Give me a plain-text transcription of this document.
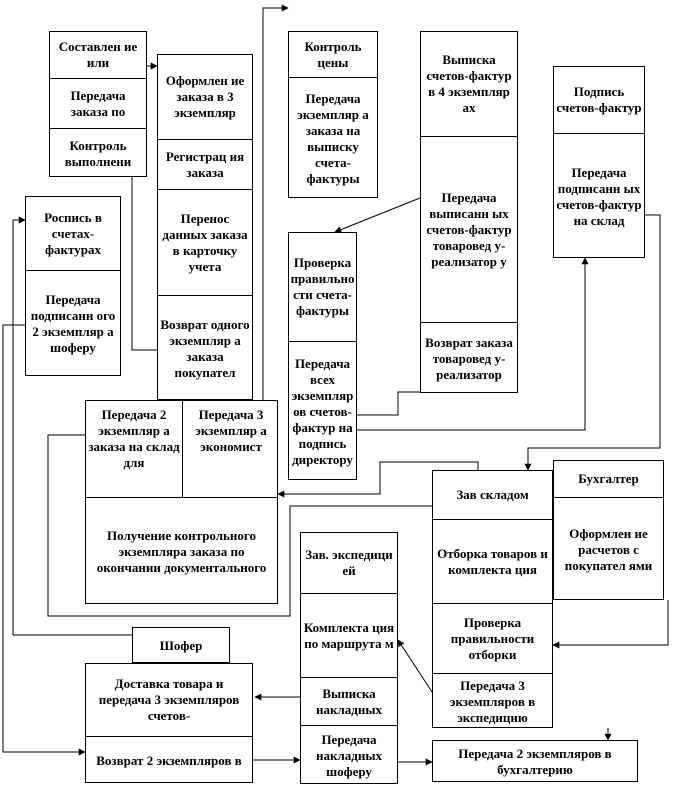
Составлен ие или
Передача заказа по
Контроль выполнени
Оформлен ие заказа в 3 экземпляр
Регистрац ия заказа
Перенос данных заказа в карточку учета
Возврат одного экземпляр а заказа покупател
Контроль цены
Передача экземпляр а заказа на выписку счета-фактуры
Выписка счетов-фактур в 4 экземпляр ах
Передача выписанн ых счетов-фактур товаровед у-реализатор у
Возврат заказа товаровед у-реализатор
Подпись счетов-фактур
Передача подписанн ых счетов-фактур на склад
Роспись в счетах-фактурах
Передача подписанн ого 2 экземпляр а шоферу
Проверка правильно сти счета-фактуры
Передача всех экземпляр ов счетов-фактур на подпись директору
Передача 2 экземпляр а заказа на склад для
Передача 3 экземпляр а экономист
Получение контрольного экземпляра заказа по окончании документального
Зав складом
Отборка товаров и комплекта ция
Проверка правильности отборки
Передача 3 экземпляров в экспедицию
Бухгалтер
Оформлен ие расчетов с покупател ями
Зав. экспедици ей
Комплекта ция по маршрута м
Выписка накладных
Передача накладных шоферу
Шофер
Доставка товара и передача 3 экземпляров счетов-
Возврат 2 экземпляров в	Передача 2 экземпляров в бухгалтерию
